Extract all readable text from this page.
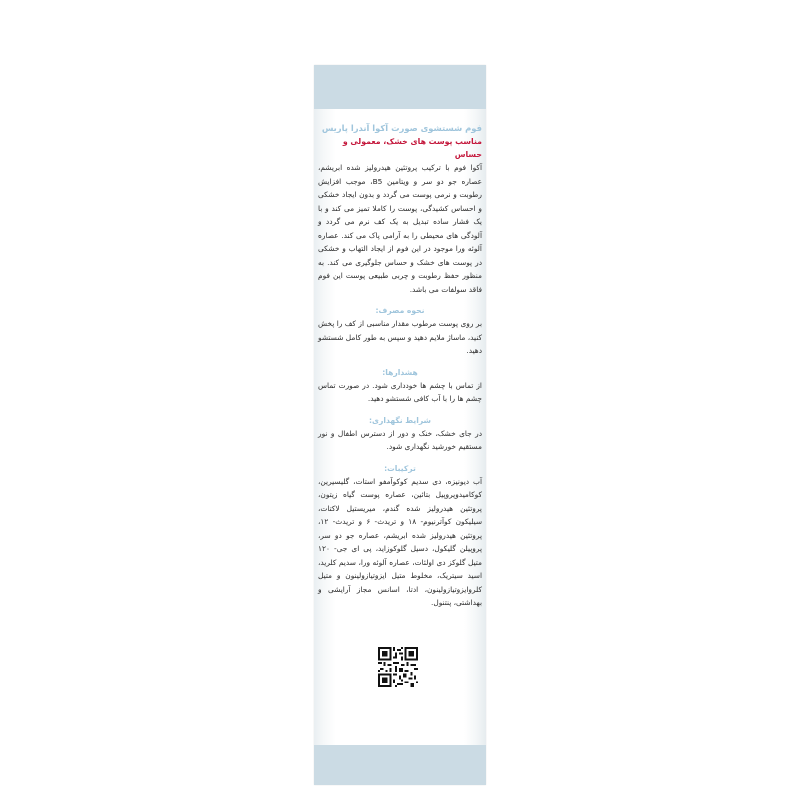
فوم شستشوی صورت آکوا آندرا پاریس
مناسب پوست های خشک، معمولی و حساس

آکوا فوم با ترکیب پروتئین هیدرولیز شده ابریشم، عصاره جو دو سر و ویتامین B5، موجب افزایش رطوبت و نرمی پوست می گردد و بدون ایجاد خشکی و احساس کشیدگی، پوست را کاملا تمیز می کند و با یک فشار ساده تبدیل به یک کف نرم می گردد و آلودگی های محیطی را به آرامی پاک می کند. عصاره آلوئه ورا موجود در این فوم از ایجاد التهاب و خشکی در پوست های خشک و حساس جلوگیری می کند. به منظور حفظ رطوبت و چربی طبیعی پوست این فوم فاقد سولفات می باشد.

نحوه مصرف:

بر روی پوست مرطوب مقدار مناسبی از کف را پخش کنید، ماساژ ملایم دهید و سپس به طور کامل شستشو دهید.

هشدارها:

از تماس با چشم ها خودداری شود. در صورت تماس چشم ها را با آب کافی شستشو دهید.

شرایط نگهداری:

در جای خشک، خنک و دور از دسترس اطفال و نور مستقیم خورشید نگهداری شود.

ترکیبات:

آب دیونیزه، دی سدیم کوکوآمفو استات، گلیسیرین، کوکامیدوپروپیل بتائین، عصاره پوست گیاه زیتون، پروتئین هیدرولیز شده گندم، میریستیل لاکتات، سیلیکون کوآترنیوم- ۱۸ و تریدث- ۶ و تریدث- ۱۲، پروتئین هیدرولیز شده ابریشم، عصاره جو دو سر، پروپیلن گلیکول، دسیل گلوکوزاید، پی ای جی- ۱۲۰ متیل گلوکز دی اولئات، عصاره آلوئه ورا، سدیم کلرید، اسید سیتریک، مخلوط متیل ایزوتیازولینون و متیل کلروایزوتیازولینون، ادتا، اسانس مجاز آرایشی و بهداشتی، پنتنول.
